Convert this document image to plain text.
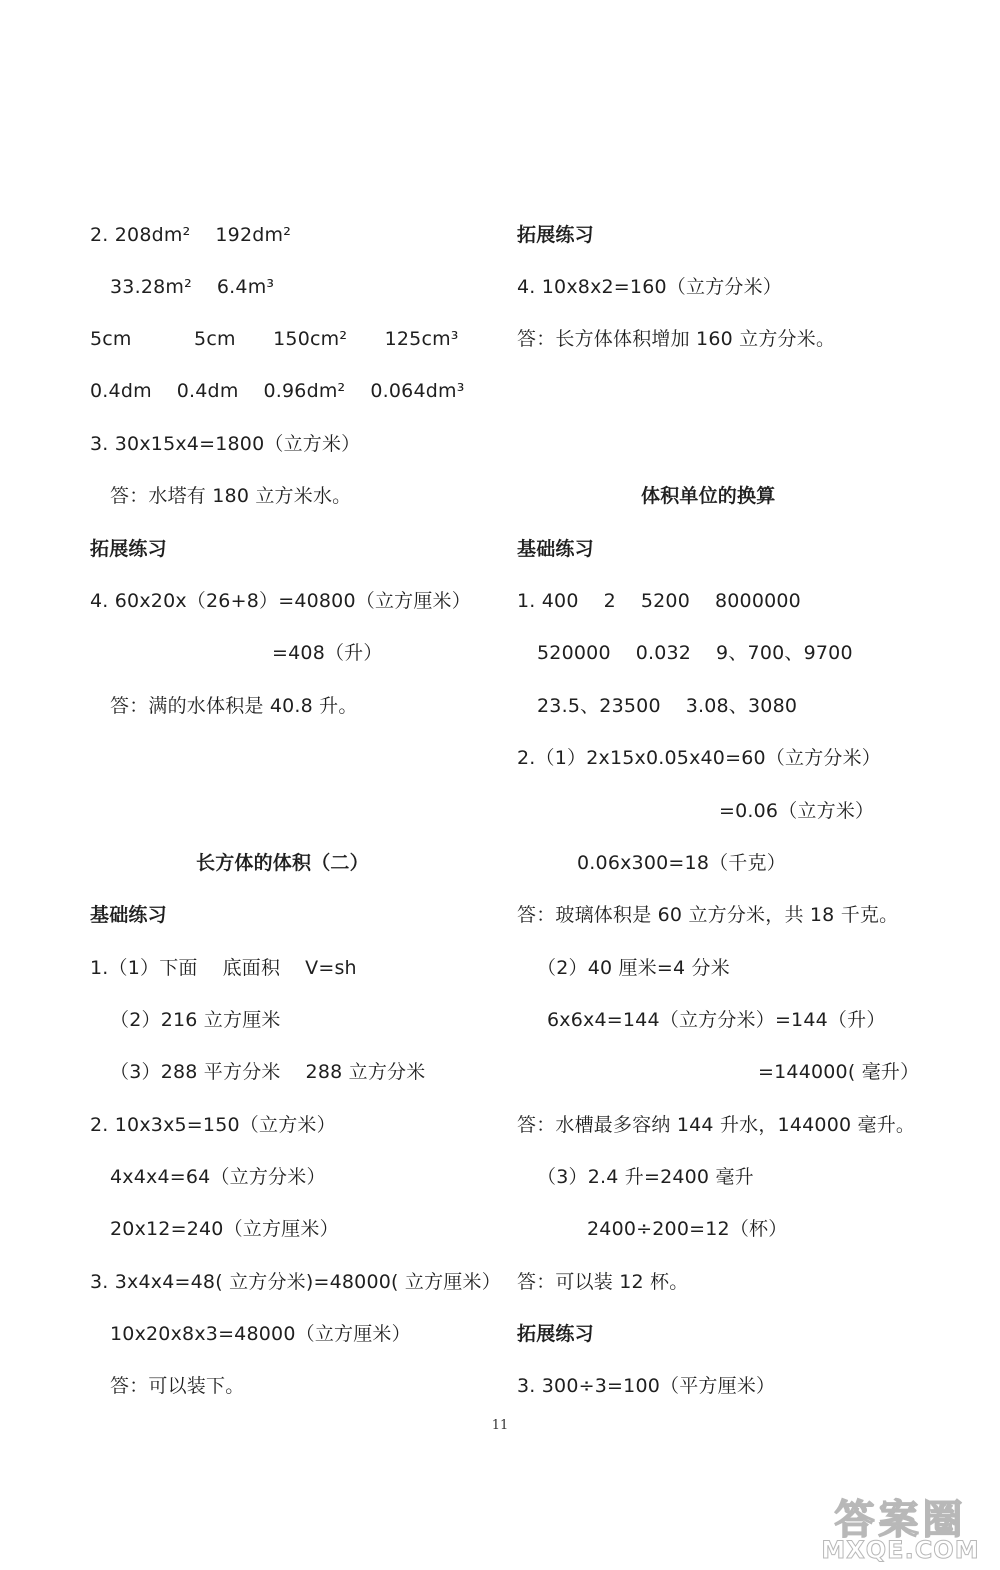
2. 208dm²    192dm²
33.28m²    6.4m³
5cm          5cm      150cm²      125cm³
0.4dm    0.4dm    0.96dm²    0.064dm³
3. 30x15x4=1800（立方米）
答：水塔有 180 立方米水。
拓展练习
4. 60x20x（26+8）=40800（立方厘米）
=408（升）
答：满的水体积是 40.8 升。
长方体的体积（二）
基础练习
1.（1）下面    底面积    V=sh
（2）216 立方厘米
（3）288 平方分米    288 立方分米
2. 10x3x5=150（立方米）
4x4x4=64（立方分米）
20x12=240（立方厘米）
3. 3x4x4=48( 立方分米)=48000( 立方厘米）
10x20x8x3=48000（立方厘米）
答：可以装下。
拓展练习
4. 10x8x2=160（立方分米）
答：长方体体积增加 160 立方分米。
体积单位的换算
基础练习
1. 400    2    5200    8000000
520000    0.032    9、700、9700
23.5、23500    3.08、3080
2.（1）2x15x0.05x40=60（立方分米）
=0.06（立方米）
0.06x300=18（千克）
答：玻璃体积是 60 立方分米，共 18 千克。
（2）40 厘米=4 分米
6x6x4=144（立方分米）=144（升）
=144000( 毫升）
答：水槽最多容纳 144 升水，144000 毫升。
（3）2.4 升=2400 毫升
2400÷200=12（杯）
答：可以装 12 杯。
拓展练习
3. 300÷3=100（平方厘米）
11
答案圈
MXQE.COM
